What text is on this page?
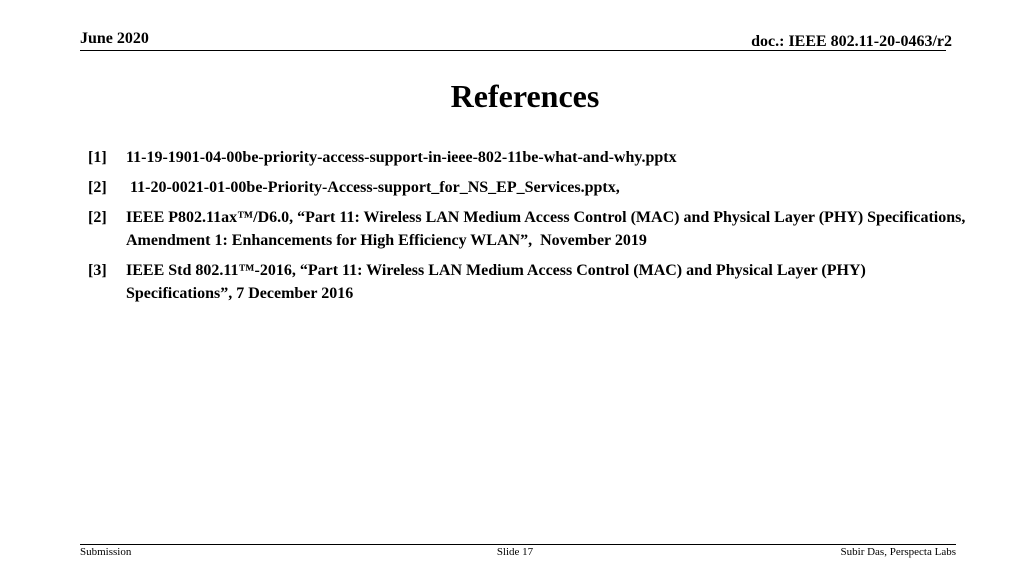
June 2020	doc.: IEEE 802.11-20-0463/r2
References
[1]	11-19-1901-04-00be-priority-access-support-in-ieee-802-11be-what-and-why.pptx
[2]	11-20-0021-01-00be-Priority-Access-support_for_NS_EP_Services.pptx,
[2]	IEEE P802.11ax™/D6.0, “Part 11: Wireless LAN Medium Access Control (MAC) and Physical Layer (PHY) Specifications, Amendment 1: Enhancements for High Efficiency WLAN”,  November 2019
[3]	IEEE Std 802.11™-2016, “Part 11: Wireless LAN Medium Access Control (MAC) and Physical Layer (PHY) Specifications”, 7 December 2016
Submission	Slide 17	Subir Das, Perspecta Labs
